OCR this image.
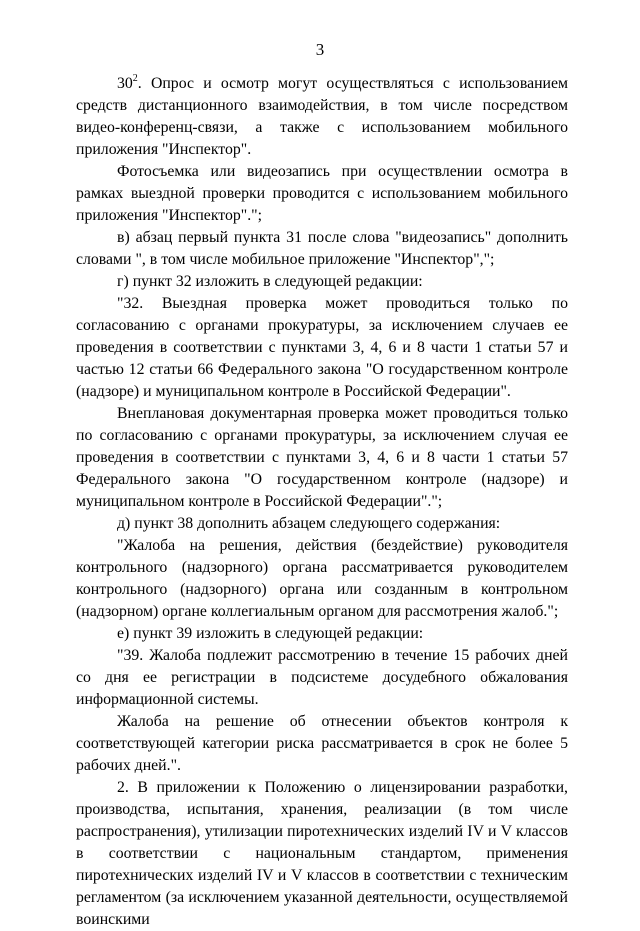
3

$30^2$. Опрос и осмотр могут осуществляться с использованием средств дистанционного взаимодействия, в том числе посредством видео-конференц-связи, а также с использованием мобильного приложения "Инспектор".

Фотосъемка или видеозапись при осуществлении осмотра в рамках выездной проверки проводится с использованием мобильного приложения "Инспектор".";

в) абзац первый пункта 31 после слова "видеозапись" дополнить словами ", в том числе мобильное приложение "Инспектор",";

г) пункт 32 изложить в следующей редакции:

"32. Выездная проверка может проводиться только по согласованию с органами прокуратуры, за исключением случаев ее проведения в соответствии с пунктами 3, 4, 6 и 8 части 1 статьи 57 и частью 12 статьи 66 Федерального закона "О государственном контроле (надзоре) и муниципальном контроле в Российской Федерации".

Внеплановая документарная проверка может проводиться только по согласованию с органами прокуратуры, за исключением случая ее проведения в соответствии с пунктами 3, 4, 6 и 8 части 1 статьи 57 Федерального закона "О государственном контроле (надзоре) и муниципальном контроле в Российской Федерации".";

д) пункт 38 дополнить абзацем следующего содержания:

"Жалоба на решения, действия (бездействие) руководителя контрольного (надзорного) органа рассматривается руководителем контрольного (надзорного) органа или созданным в контрольном (надзорном) органе коллегиальным органом для рассмотрения жалоб.";

е) пункт 39 изложить в следующей редакции:

"39. Жалоба подлежит рассмотрению в течение 15 рабочих дней со дня ее регистрации в подсистеме досудебного обжалования информационной системы.

Жалоба на решение об отнесении объектов контроля к соответствующей категории риска рассматривается в срок не более 5 рабочих дней.".

2. В приложении к Положению о лицензировании разработки, производства, испытания, хранения, реализации (в том числе распространения), утилизации пиротехнических изделий IV и V классов в соответствии с национальным стандартом, применения пиротехнических изделий IV и V классов в соответствии с техническим регламентом (за исключением указанной деятельности, осуществляемой воинскими
